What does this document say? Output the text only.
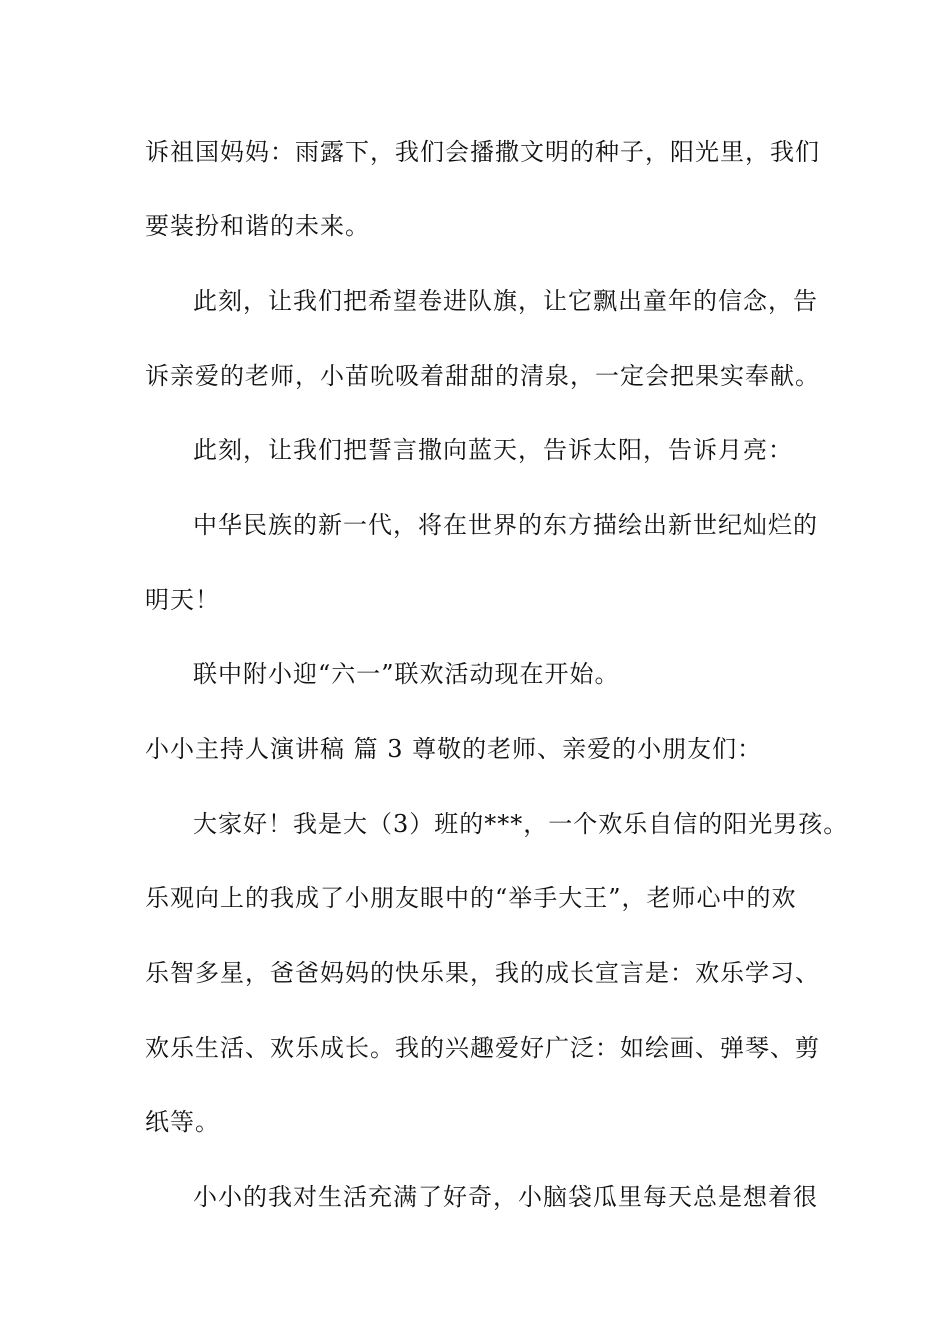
诉祖国妈妈：雨露下，我们会播撒文明的种子，阳光里，我们
要装扮和谐的未来。
此刻，让我们把希望卷进队旗，让它飘出童年的信念，告
诉亲爱的老师，小苗吮吸着甜甜的清泉，一定会把果实奉献。
此刻，让我们把誓言撒向蓝天，告诉太阳，告诉月亮：
中华民族的新一代，将在世界的东方描绘出新世纪灿烂的
明天！
联中附小迎“六一”联欢活动现在开始。
小小主持人演讲稿 篇 3 尊敬的老师、亲爱的小朋友们：
大家好！我是大（3）班的***，一个欢乐自信的阳光男孩。
乐观向上的我成了小朋友眼中的“举手大王”，老师心中的欢
乐智多星，爸爸妈妈的快乐果，我的成长宣言是：欢乐学习、
欢乐生活、欢乐成长。我的兴趣爱好广泛：如绘画、弹琴、剪
纸等。
小小的我对生活充满了好奇，小脑袋瓜里每天总是想着很
